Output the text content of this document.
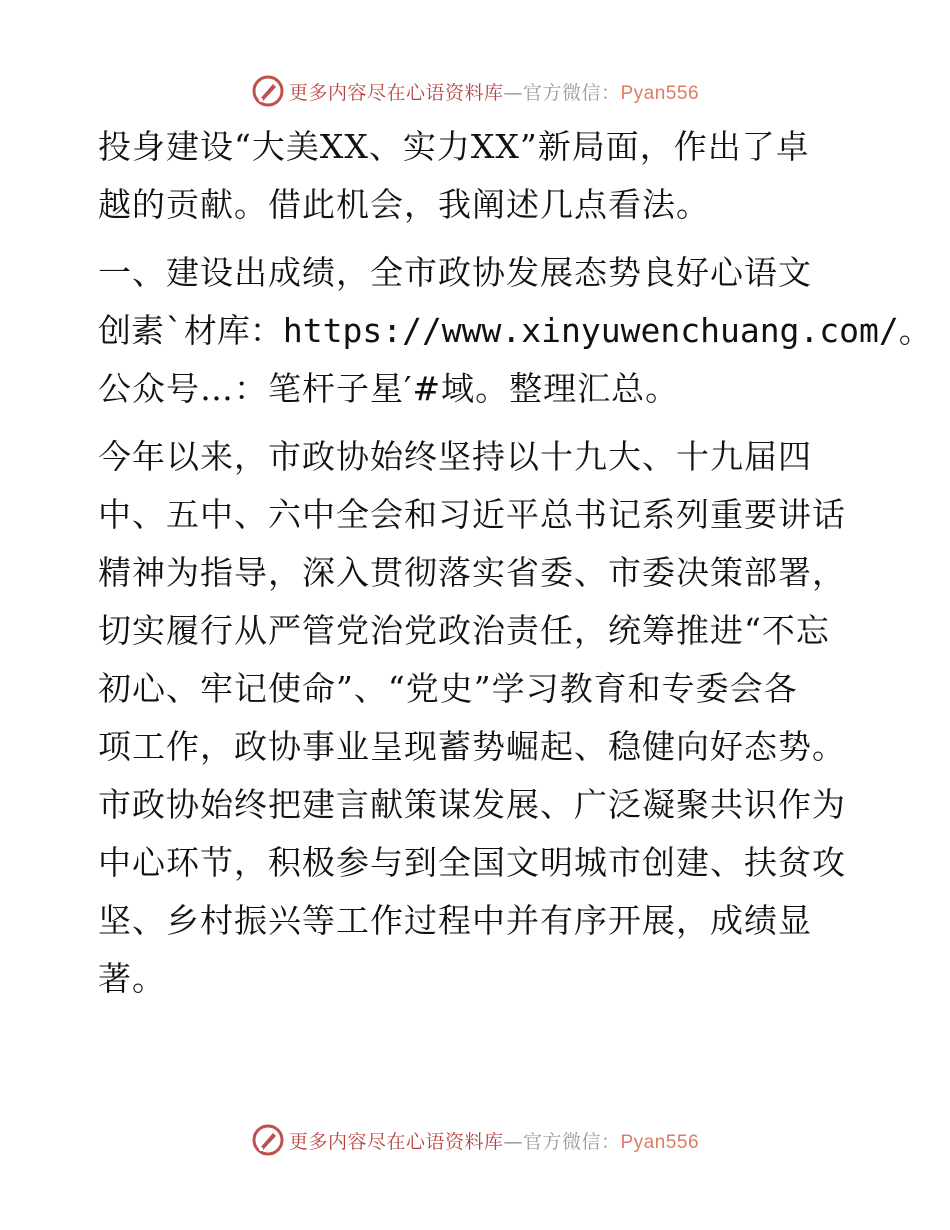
更多内容尽在心语资料库—官方微信：Pyan556

投身建设“大美XX、实力XX”新局面，作出了卓
越的贡献。借此机会，我阐述几点看法。

一、建设出成绩，全市政协发展态势良好心语文
创素`材库：https://www.xinyuwenchuang.com/。
公众号…：笔杆子星′#域。整理汇总。

今年以来，市政协始终坚持以十九大、十九届四
中、五中、六中全会和习近平总书记系列重要讲话
精神为指导，深入贯彻落实省委、市委决策部署，
切实履行从严管党治党政治责任，统筹推进“不忘
初心、牢记使命”、“党史”学习教育和专委会各
项工作，政协事业呈现蓄势崛起、稳健向好态势。
市政协始终把建言献策谋发展、广泛凝聚共识作为
中心环节，积极参与到全国文明城市创建、扶贫攻
坚、乡村振兴等工作过程中并有序开展，成绩显
著。

更多内容尽在心语资料库—官方微信：Pyan556
